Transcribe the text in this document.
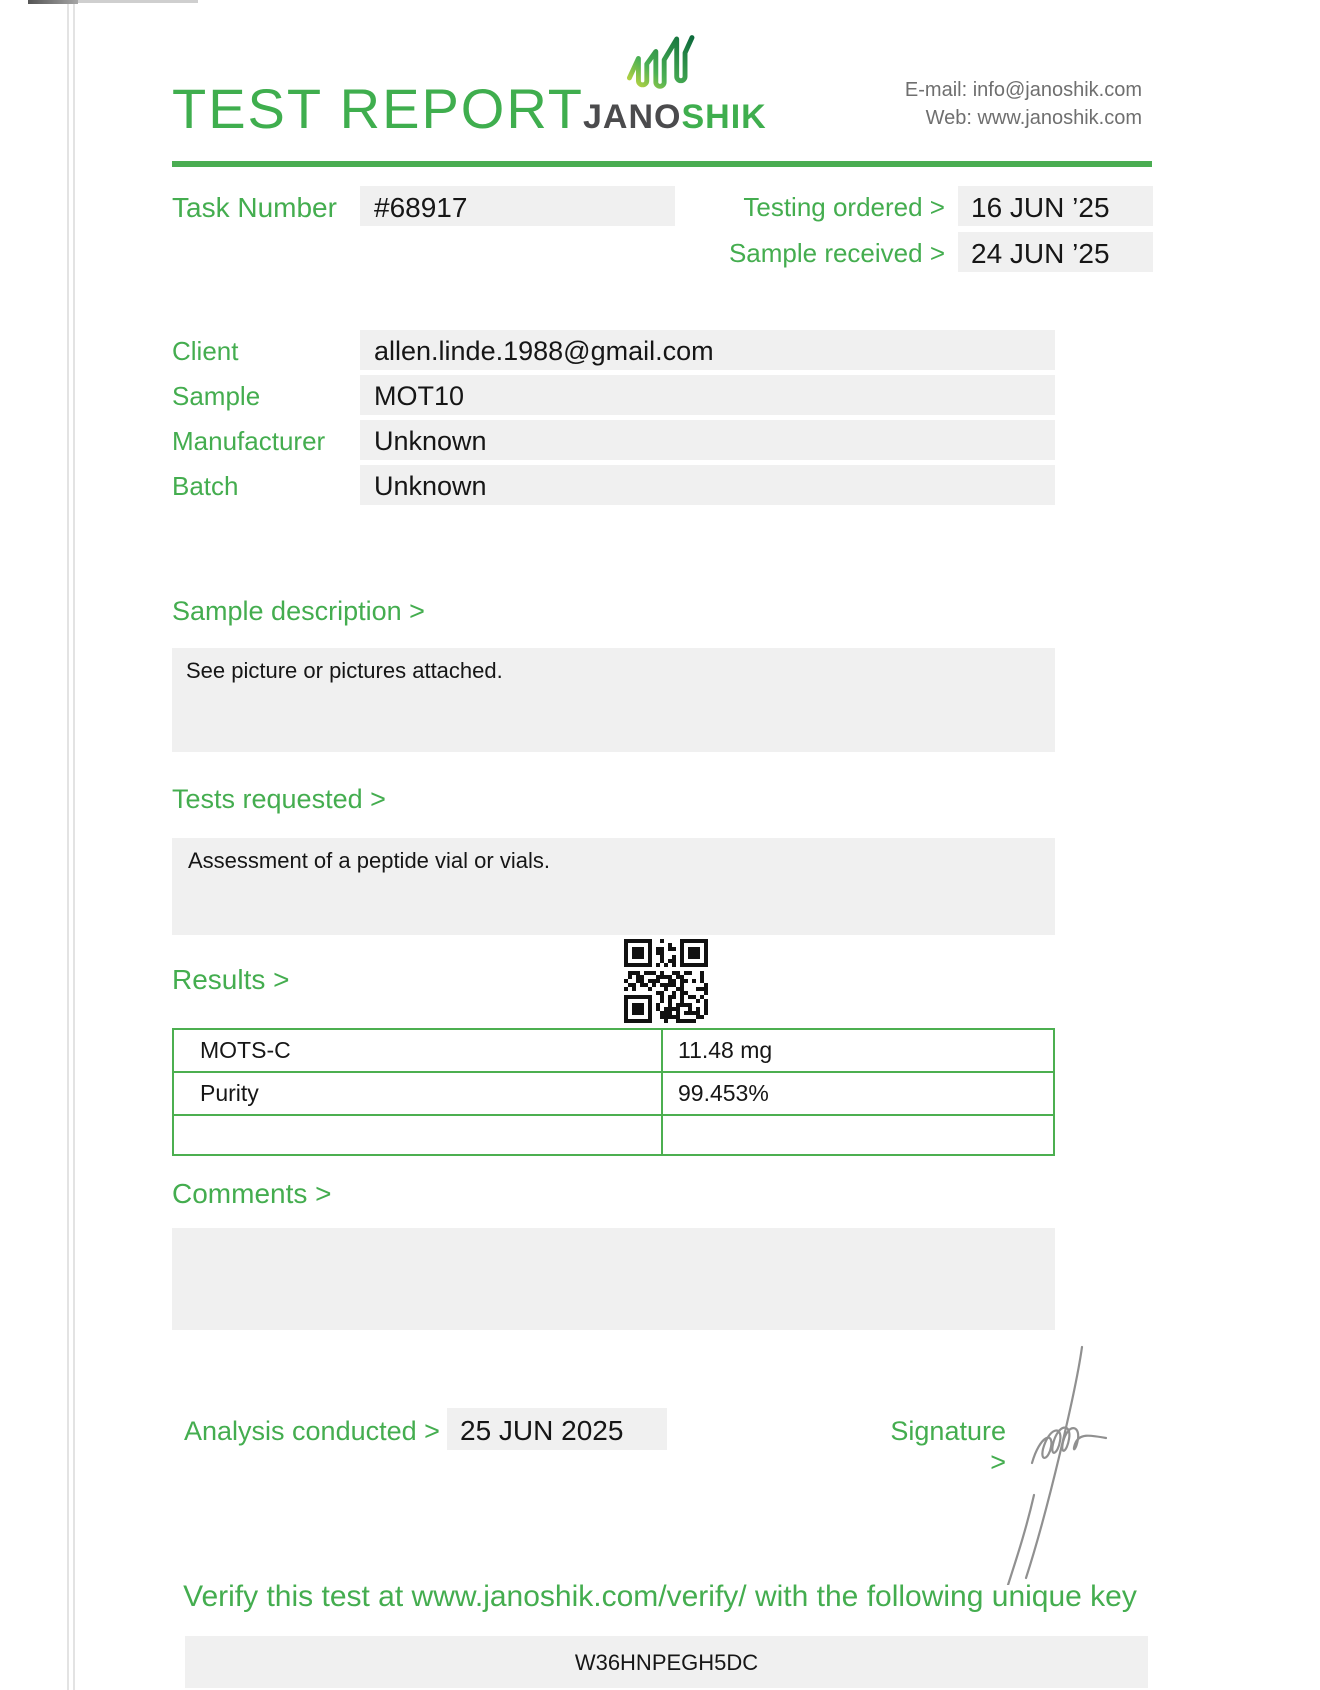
TEST REPORT
JANOSHIK
E-mail: info@janoshik.com
Web: www.janoshik.com
Task Number	#68917	Testing ordered > 16 JUN ’25
Sample received > 24 JUN ’25
Client	allen.linde.1988@gmail.com
Sample	MOT10
Manufacturer	Unknown
Batch	Unknown
Sample description >
See picture or pictures attached.
Tests requested >
Assessment of a peptide vial or vials.
Results >
MOTS-C	11.48 mg
Purity	99.453%
Comments >
Analysis conducted > 25 JUN 2025	Signature >
Verify this test at www.janoshik.com/verify/ with the following unique key
W36HNPEGH5DC
